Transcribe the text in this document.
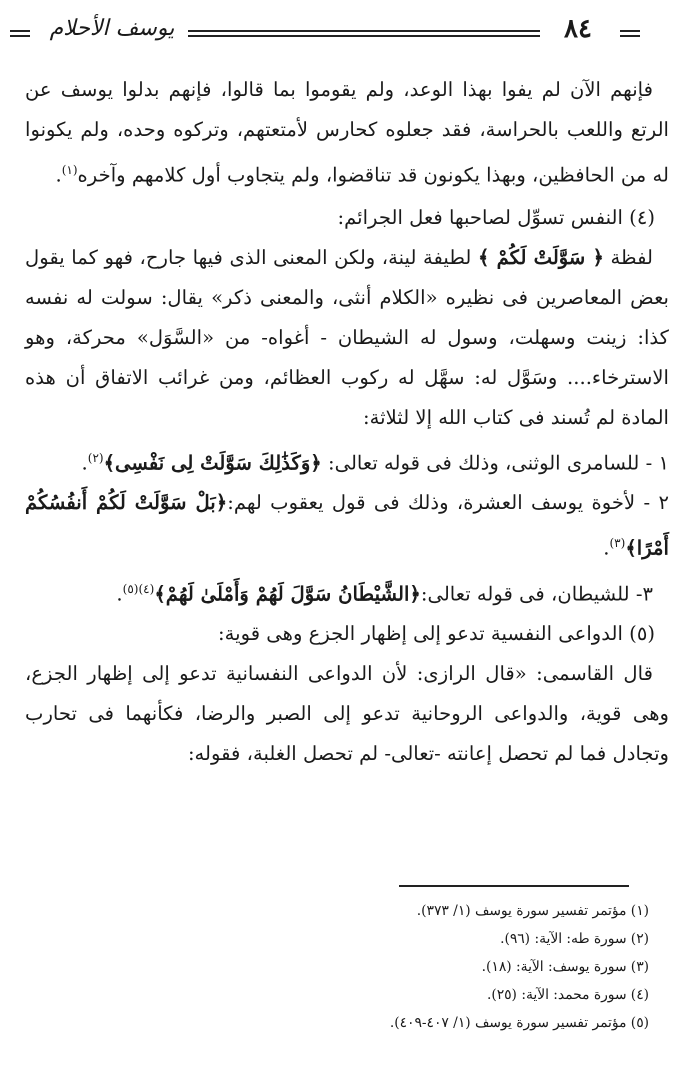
يوسف الأحلام	٨٤

فإنهم الآن لم يفوا بهذا الوعد، ولم يقوموا بما قالوا، فإنهم بدلوا يوسف عن الرتع واللعب بالحراسة، فقد جعلوه كحارس لأمتعتهم، وتركوه وحده، ولم يكونوا له من الحافظين، وبهذا يكونون قد تناقضوا، ولم يتجاوب أول كلامهم وآخره$^{(١)}$.

(٤) النفس تسوِّل لصاحبها فعل الجرائم:

لفظة ﴿ سَوَّلَتْ لَكُمْ ﴾ لطيفة لينة، ولكن المعنى الذى فيها جارح، فهو كما يقول بعض المعاصرين فى نظيره «الكلام أنثى، والمعنى ذكر» يقال: سولت له نفسه كذا: زينت وسهلت، وسول له الشيطان - أغواه- من «السَّوَل» محركة، وهو الاسترخاء.... وسَوَّل له: سهَّل له ركوب العظائم، ومن غرائب الاتفاق أن هذه المادة لم تُسند فى كتاب الله إلا لثلاثة:

١ - للسامرى الوثنى، وذلك فى قوله تعالى: ﴿وَكَذَٰلِكَ سَوَّلَتْ لِى نَفْسِى﴾$^{(٢)}$.

٢ - لأخوة يوسف العشرة، وذلك فى قول يعقوب لهم:﴿بَلْ سَوَّلَتْ لَكُمْ أَنفُسُكُمْ أَمْرًا﴾$^{(٣)}$.

٣- للشيطان، فى قوله تعالى:﴿الشَّيْطَانُ سَوَّلَ لَهُمْ وَأَمْلَىٰ لَهُمْ﴾$^{(٤)(٥)}$.

(٥) الدواعى النفسية تدعو إلى إظهار الجزع وهى قوية:

قال القاسمى: «قال الرازى: لأن الدواعى النفسانية تدعو إلى إظهار الجزع، وهى قوية، والدواعى الروحانية تدعو إلى الصبر والرضا، فكأنهما فى تحارب وتجادل فما لم تحصل إعانته -تعالى- لم تحصل الغلبة، فقوله:

(١) مؤتمر تفسير سورة يوسف (١/ ٣٧٣).

(٢) سورة طه: الآية: (٩٦).

(٣) سورة يوسف: الآية: (١٨).

(٤) سورة محمد: الآية: (٢٥).

(٥) مؤتمر تفسير سورة يوسف (١/ ٤٠٧-٤٠٩).
